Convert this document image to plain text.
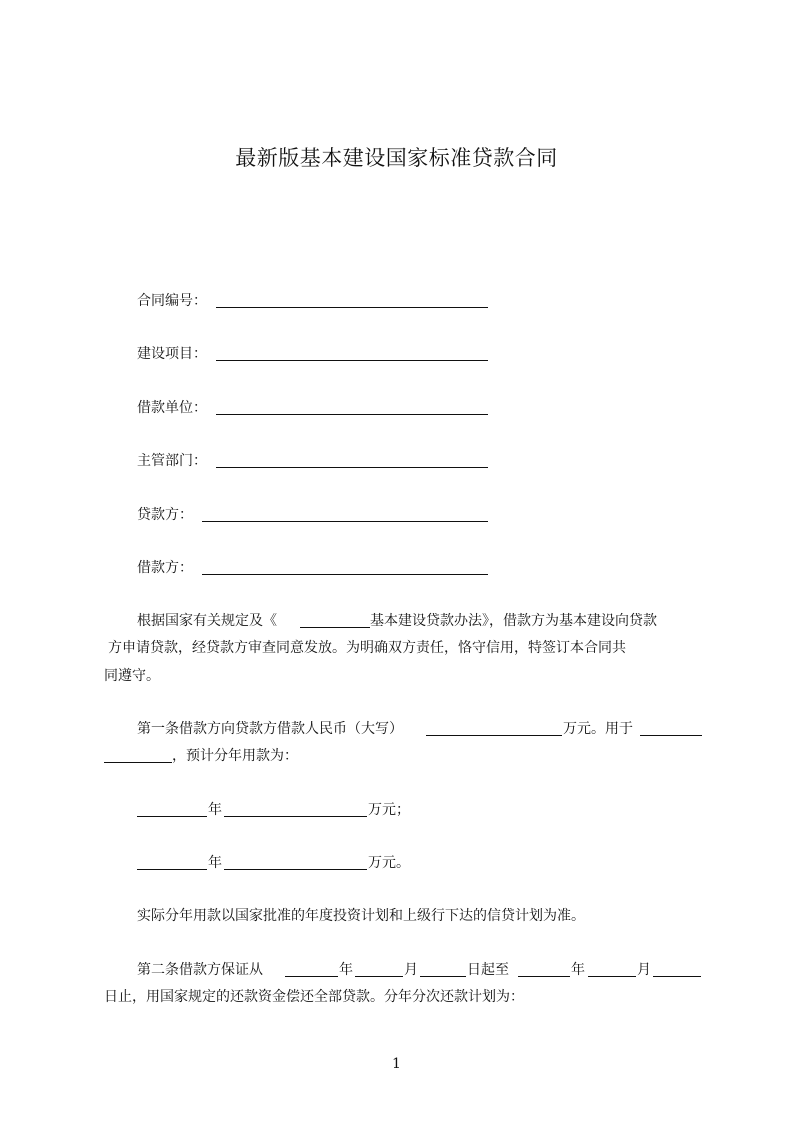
最新版基本建设国家标准贷款合同
合同编号：
建设项目：
借款单位：
主管部门：
贷款方：
借款方：
根据国家有关规定及《	基本建设贷款办法》，借款方为基本建设向贷款
方申请贷款，经贷款方审查同意发放。为明确双方责任，恪守信用，特签订本合同共
同遵守。
第一条借款方向贷款方借款人民币（大写）	万元。用于
，预计分年用款为：
年	万元；
年	万元。
实际分年用款以国家批准的年度投资计划和上级行下达的信贷计划为准。
第二条借款方保证从	年	月	日起至	年	月
日止，用国家规定的还款资金偿还全部贷款。分年分次还款计划为：
1
